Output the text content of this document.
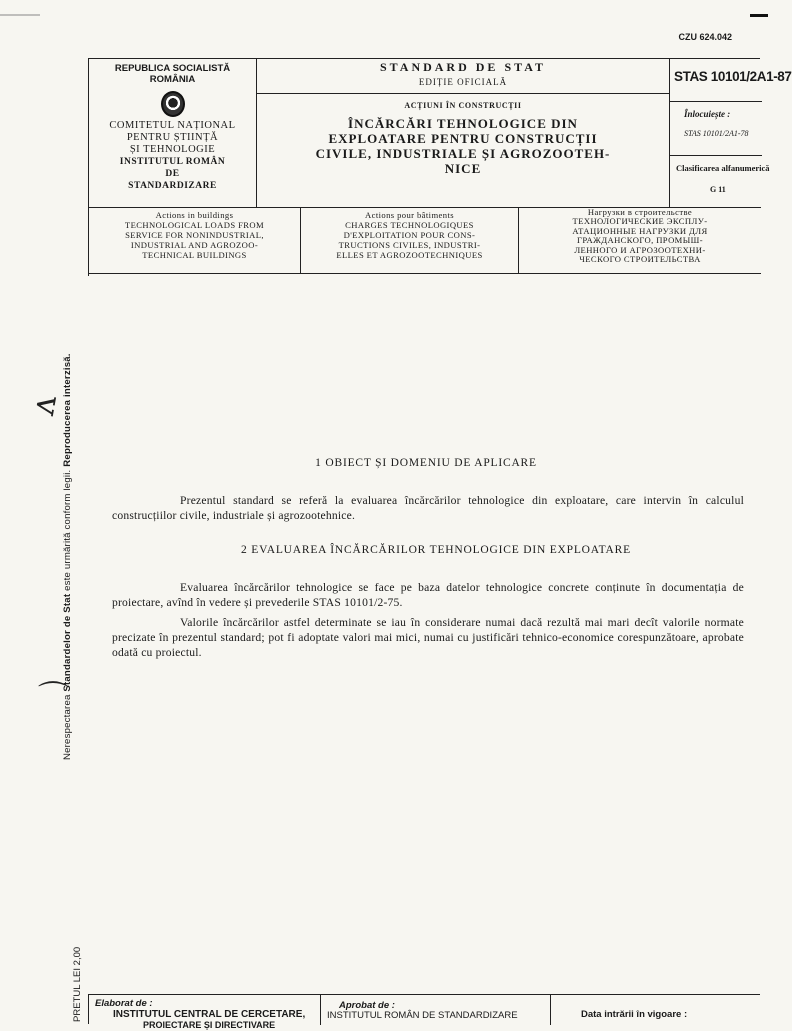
CZU 624.042
Nerespectarea Standardelor de Stat este urmărită conform legii. Reproducerea interzisă.
PRETUL LEI 2,00
ʌ
⌒
REPUBLICA SOCIALISTĂ
ROMÂNIA
COMITETUL NAȚIONAL
PENTRU ȘTIINȚĂ
ȘI TEHNOLOGIE
INSTITUTUL ROMÂN
DE
STANDARDIZARE
STANDARD DE STAT
EDIȚIE OFICIALĂ
ACȚIUNI ÎN CONSTRUCȚII
ÎNCĂRCĂRI TEHNOLOGICE DIN
EXPLOATARE PENTRU CONSTRUCȚII
CIVILE, INDUSTRIALE ȘI AGROZOOTEH-
NICE
STAS 10101/2A1-87
Înlocuiește :
STAS 10101/2A1-78
Clasificarea alfanumerică
G 11
Actions in buildings
TECHNOLOGICAL LOADS FROM
SERVICE FOR NONINDUSTRIAL,
INDUSTRIAL AND AGROZOO-
TECHNICAL BUILDINGS
Actions pour bâtiments
CHARGES TECHNOLOGIQUES
D'EXPLOITATION POUR CONS-
TRUCTIONS CIVILES, INDUSTRI-
ELLES ET AGROZOOTECHNIQUES
Нагрузки в строительстве
ТЕХНОЛОГИЧЕСКИЕ ЭКСПЛУ-
АТАЦИОННЫЕ НАГРУЗКИ ДЛЯ
ГРАЖДАНСКОГО, ПРОМЫШ-
ЛЕННОГО И АГРОЗООТЕХНИ-
ЧЕСКОГО СТРОИТЕЛЬСТВА
1 OBIECT ȘI DOMENIU DE APLICARE
Prezentul standard se referă la evaluarea încărcărilor tehnologice din exploatare, care intervin în calculul construcțiilor civile, industriale și agrozootehnice.
2 EVALUAREA ÎNCĂRCĂRILOR TEHNOLOGICE DIN EXPLOATARE
Evaluarea încărcărilor tehnologice se face pe baza datelor tehnologice concrete conținute în documentația de proiectare, avînd în vedere și prevederile STAS 10101/2-75.
Valorile încărcărilor astfel determinate se iau în considerare numai dacă rezultă mai mari decît valorile normate precizate în prezentul standard; pot fi adoptate valori mai mici, numai cu justificări tehnico-economice corespunzătoare, aprobate odată cu proiectul.
Elaborat de :
INSTITUTUL CENTRAL DE CERCETARE,
PROIECTARE ȘI DIRECTIVARE
Aprobat de :
INSTITUTUL ROMÂN DE STANDARDIZARE	Data intrării în vigoare :
